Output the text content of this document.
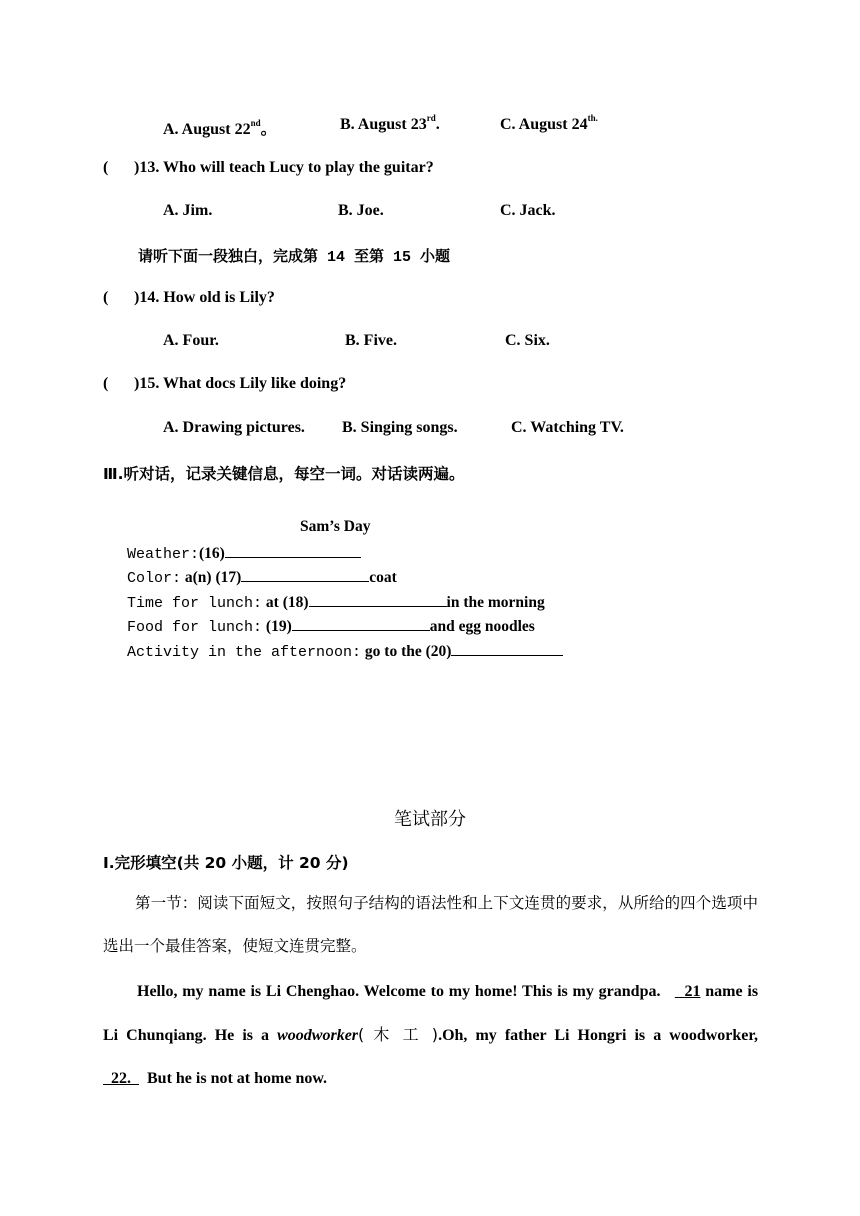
A. August 22nd。	B. August 23rd.	C. August $24^{th.}$
( )13. Who will teach Lucy to play the guitar?
A. Jim.	B. Joe.	C. Jack.
请听下面一段独白，完成第 14 至第 15 小题
( )14. How old is Lily?
A. Four.	B. Five.	C. Six.
( )15. What docs Lily like doing?
A. Drawing pictures. B. Singing songs.	C. Watching TV.
Ⅲ.听对话，记录关键信息，每空一词。对话读两遍。
Sam’s Day
Weather:(16)
Color: a(n) (17)	coat
Time for lunch: at (18)	in the morning
Food for lunch: (19)	and egg noodles
Activity in the afternoon: go to the (20)
笔试部分
Ⅰ.完形填空(共 20 小题，计 20 分)
第一节：阅读下面短文，按照句子结构的语法性和上下文连贯的要求，从所给的四个选项中选出一个最佳答案，使短文连贯完整。
Hello, my name is Li Chenghao. Welcome to my home! This is my grandpa. 21 name is Li Chunqiang. He is a woodworker( 木 工 ).Oh, my father Li Hongri is a woodworker,   22. But he is not at home now.
